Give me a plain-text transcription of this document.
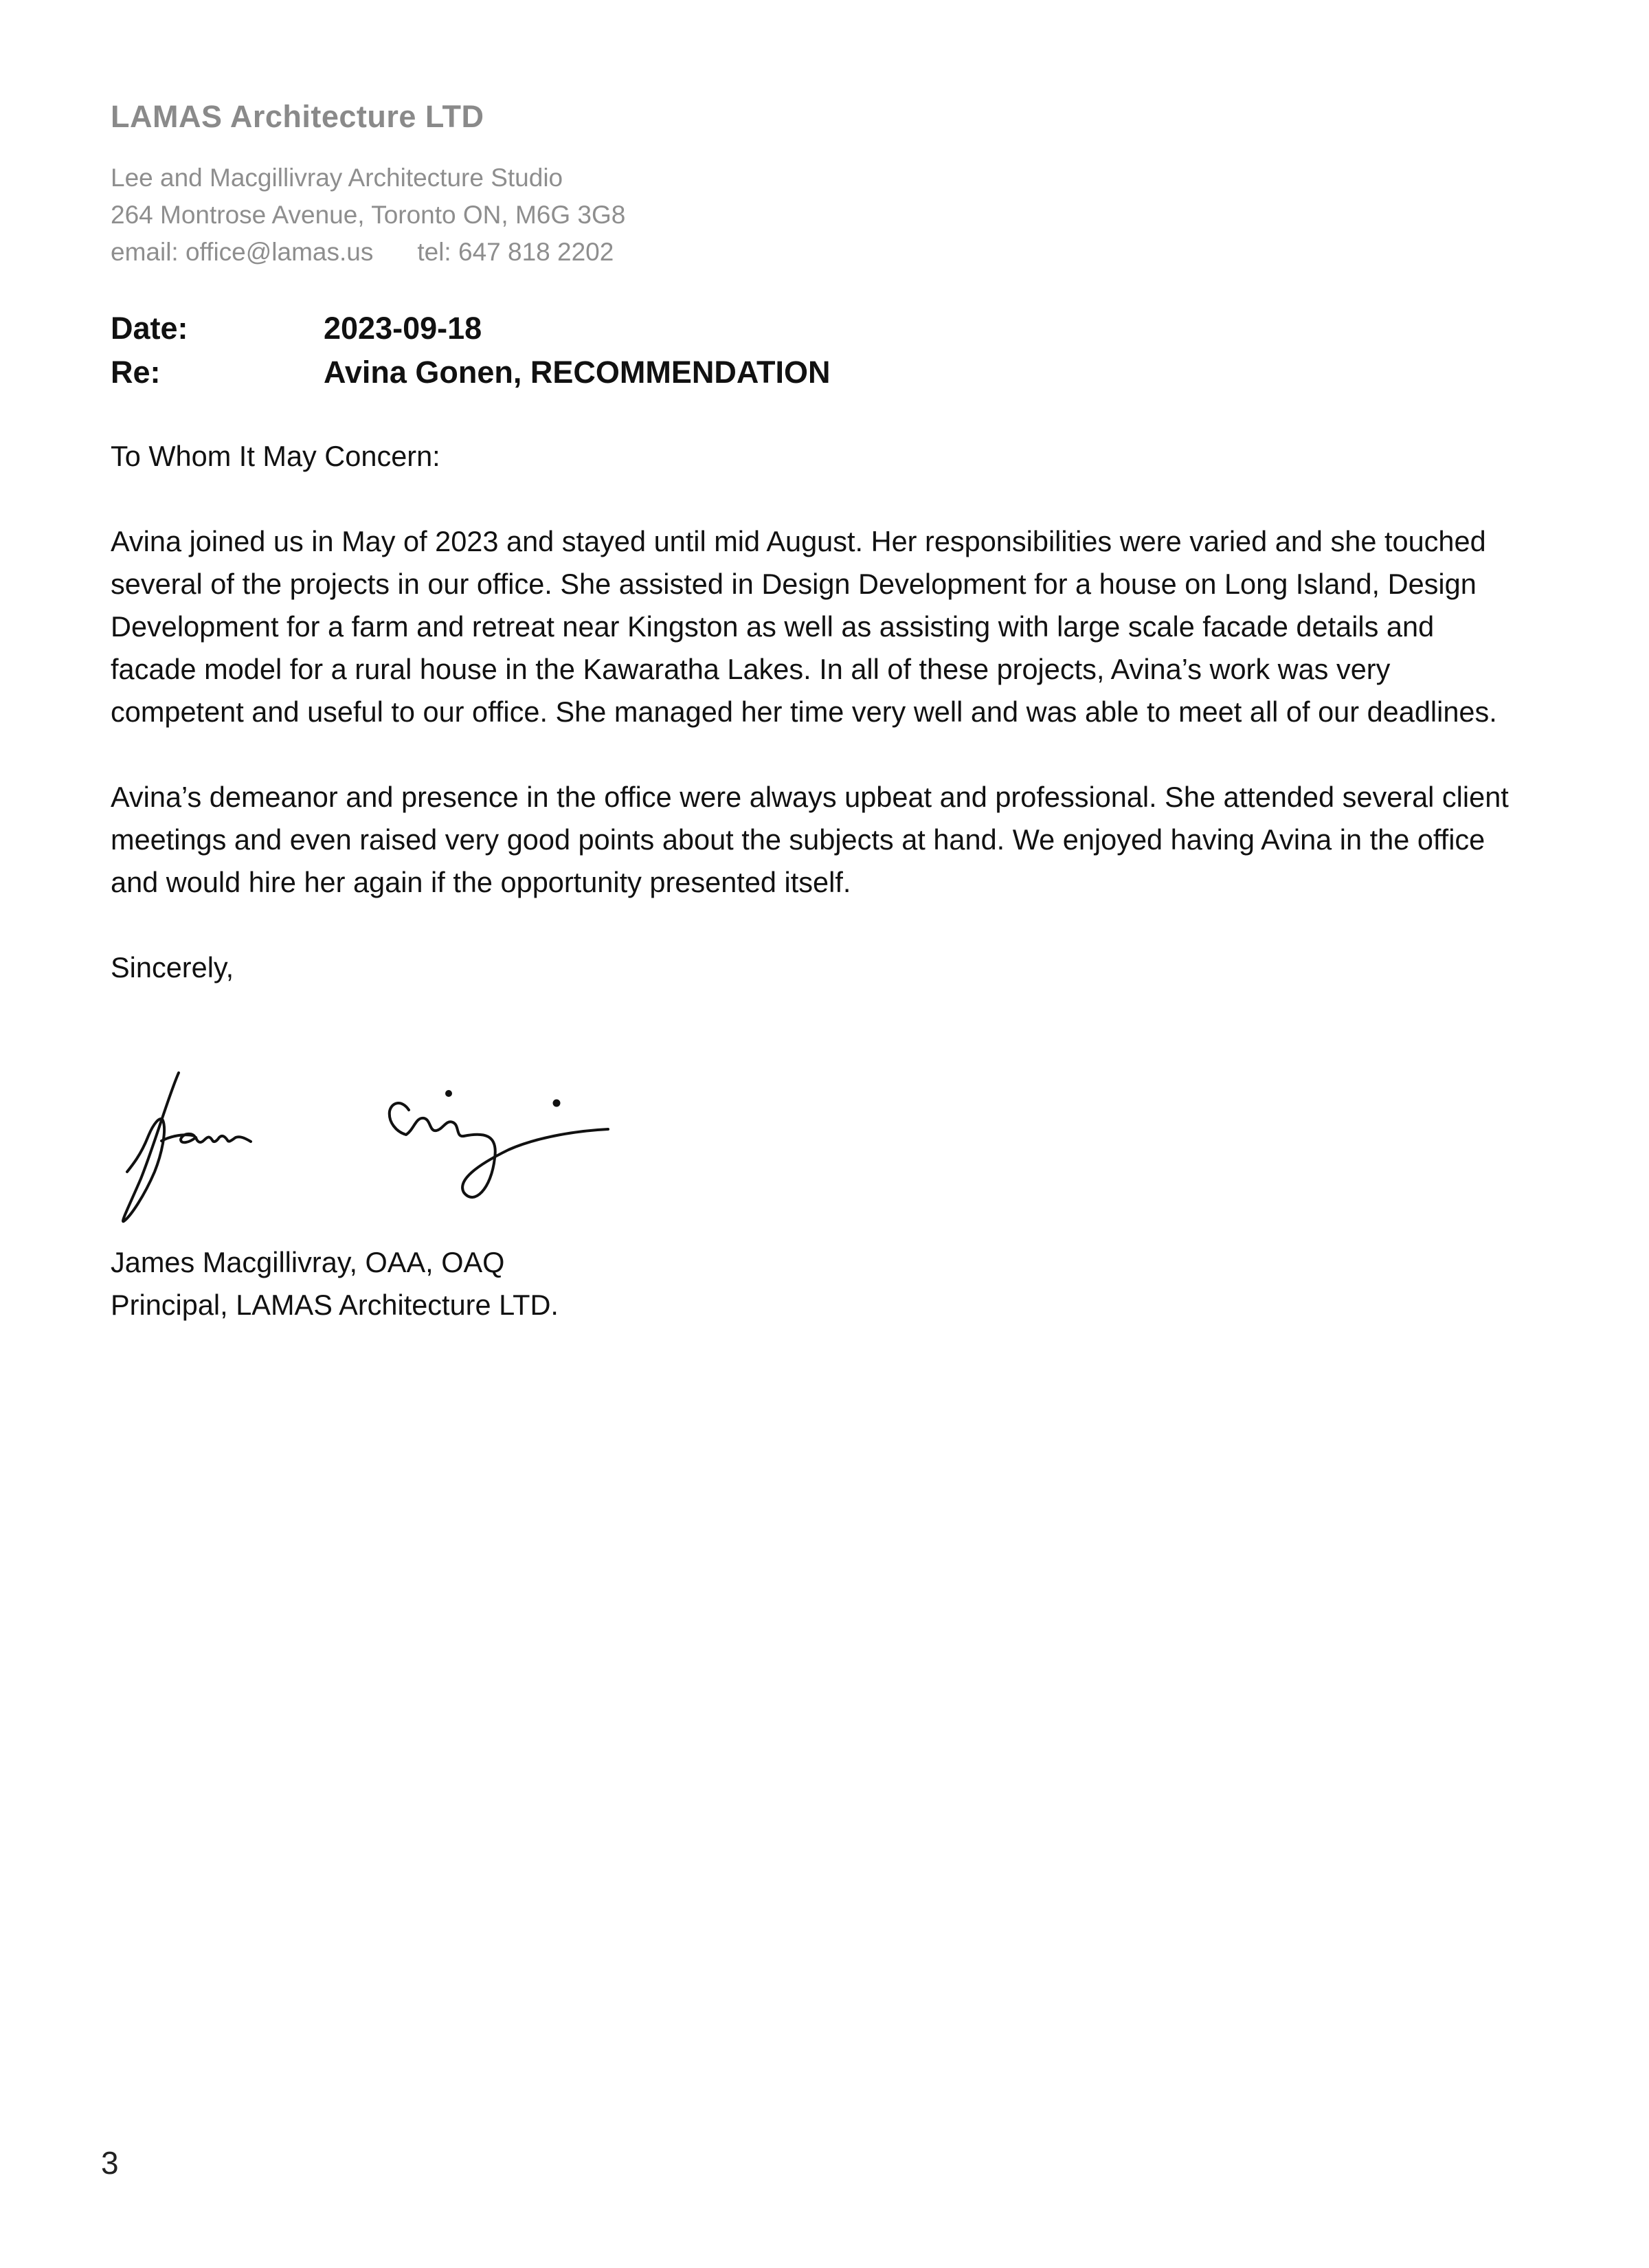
LAMAS Architecture LTD
Lee and Macgillivray Architecture Studio
264 Montrose Avenue, Toronto ON, M6G 3G8
email: office@lamas.us tel: 647 818 2202
Date:	2023-09-18
Re:	Avina Gonen, RECOMMENDATION

To Whom It May Concern:

Avina joined us in May of 2023 and stayed until mid August. Her responsibilities were varied and she touched several of the projects in our office. She assisted in Design Development for a house on Long Island, Design Development for a farm and retreat near Kingston as well as assisting with large scale facade details and facade model for a rural house in the Kawaratha Lakes. In all of these projects, Avina’s work was very competent and useful to our office. She managed her time very well and was able to meet all of our deadlines.

Avina’s demeanor and presence in the office were always upbeat and professional. She attended several client meetings and even raised very good points about the subjects at hand. We enjoyed having Avina in the office and would hire her again if the opportunity presented itself.

Sincerely,

James Macgillivray, OAA, OAQ
Principal, LAMAS Architecture LTD.
3
